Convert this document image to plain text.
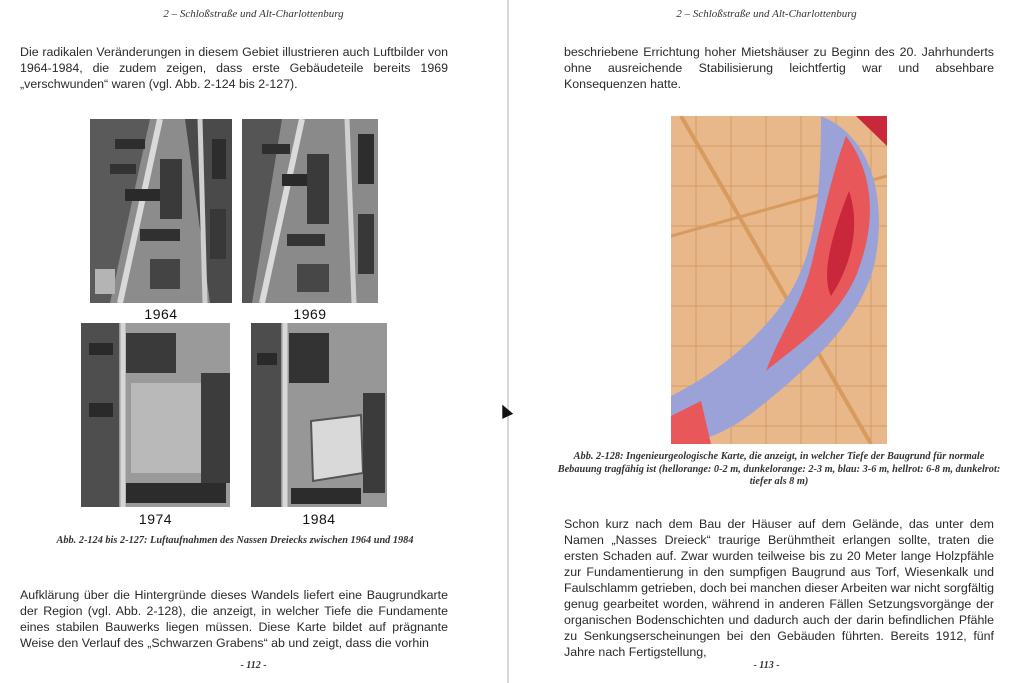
2 – Schloßstraße und Alt-Charlottenburg
Die radikalen Veränderungen in diesem Gebiet illustrieren auch Luftbilder von 1964-1984, die zudem zeigen, dass erste Gebäudeteile bereits 1969 „verschwunden“ waren (vgl. Abb. 2-124 bis 2-127).
1964	1969
1974	1984
Abb. 2-124 bis 2-127: Luftaufnahmen des Nassen Dreiecks zwischen 1964 und 1984
Aufklärung über die Hintergründe dieses Wandels liefert eine Baugrundkarte der Region (vgl. Abb. 2-128), die anzeigt, in welcher Tiefe die Fundamente eines stabilen Bauwerks liegen müssen. Diese Karte bildet auf prägnante Weise den Verlauf des „Schwarzen Grabens“ ab und zeigt, dass die vorhin
- 112 -
2 – Schloßstraße und Alt-Charlottenburg
beschriebene Errichtung hoher Mietshäuser zu Beginn des 20. Jahrhunderts ohne ausreichende Stabilisierung leichtfertig war und absehbare Konsequenzen hatte.
Abb. 2-128: Ingenieurgeologische Karte, die anzeigt, in welcher Tiefe der Baugrund für normale Bebauung tragfähig ist (hellorange: 0-2 m, dunkelorange: 2-3 m, blau: 3-6 m, hellrot: 6-8 m, dunkelrot: tiefer als 8 m)
Schon kurz nach dem Bau der Häuser auf dem Gelände, das unter dem Namen „Nasses Dreieck“ traurige Berühmtheit erlangen sollte, traten die ersten Schaden auf. Zwar wurden teilweise bis zu 20 Meter lange Holzpfähle zur Fundamentierung in den sumpfigen Baugrund aus Torf, Wiesenkalk und Faulschlamm getrieben, doch bei manchen dieser Arbeiten war nicht sorgfältig genug gearbeitet worden, während in anderen Fällen Setzungsvorgänge der organischen Bodenschichten und dadurch auch der darin befindlichen Pfähle zu Senkungserscheinungen bei den Gebäuden führten. Bereits 1912, fünf Jahre nach Fertigstellung,
- 113 -
